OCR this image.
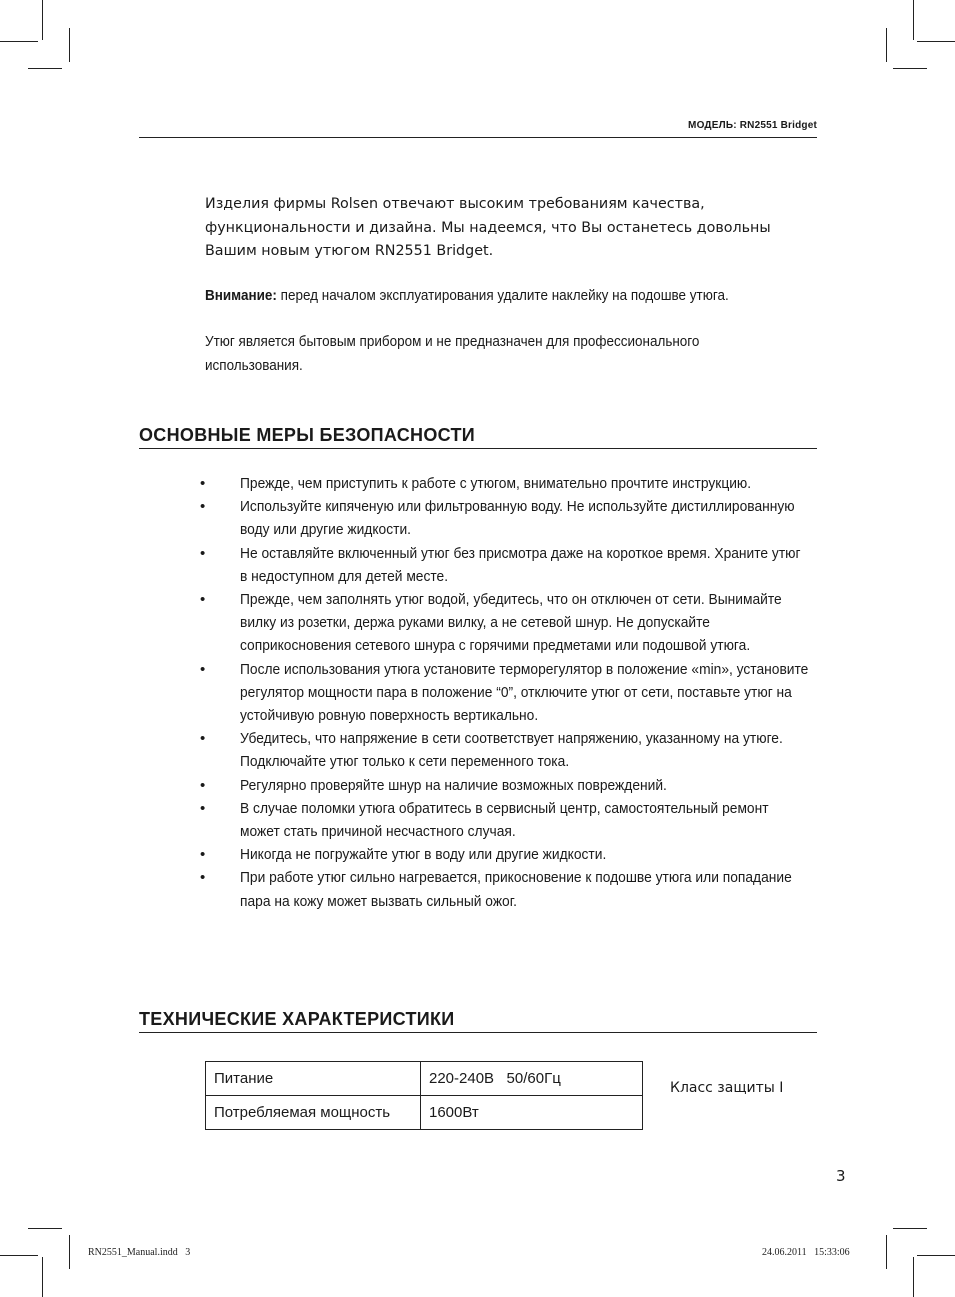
МОДЕЛЬ: RN2551 Bridget
Изделия фирмы Rolsen отвечают высоким требованиям качества, функциональности и дизайна. Мы надеемся, что Вы останетесь довольны Вашим новым утюгом RN2551 Bridget.
Внимание: перед началом эксплуатирования удалите наклейку на подошве утюга.
Утюг является бытовым прибором и не предназначен для профессионального использования.
ОСНОВНЫЕ МЕРЫ БЕЗОПАСНОСТИ
• Прежде, чем приступить к работе с утюгом, внимательно прочтите инструкцию.
• Используйте кипяченую или фильтрованную воду. Не используйте дистиллированную воду или другие жидкости.
• Не оставляйте включенный утюг без присмотра даже на короткое время. Храните утюг в недоступном для детей месте.
• Прежде, чем заполнять утюг водой, убедитесь, что он отключен от сети. Вынимайте вилку из розетки, держа руками вилку, а не сетевой шнур. Не допускайте соприкосновения сетевого шнура с горячими предметами или подошвой утюга.
• После использования утюга установите терморегулятор в положение «min», установите регулятор мощности пара в положение “0”, отключите утюг от сети, поставьте утюг на устойчивую ровную поверхность вертикально.
• Убедитесь, что напряжение в сети соответствует напряжению, указанному на утюге. Подключайте утюг только к сети переменного тока.
• Регулярно проверяйте шнур на наличие возможных повреждений.
• В случае поломки утюга обратитесь в сервисный центр, самостоятельный ремонт может стать причиной несчастного случая.
• Никогда не погружайте утюг в воду или другие жидкости.
• При работе утюг сильно нагревается, прикосновение к подошве утюга или попадание пара на кожу может вызвать сильный ожог.
ТЕХНИЧЕСКИЕ ХАРАКТЕРИСТИКИ
Питание	220-240В   50/60Гц
Потребляемая мощность	1600Вт
Класс защиты I
3
RN2551_Manual.indd   3	24.06.2011   15:33:06
